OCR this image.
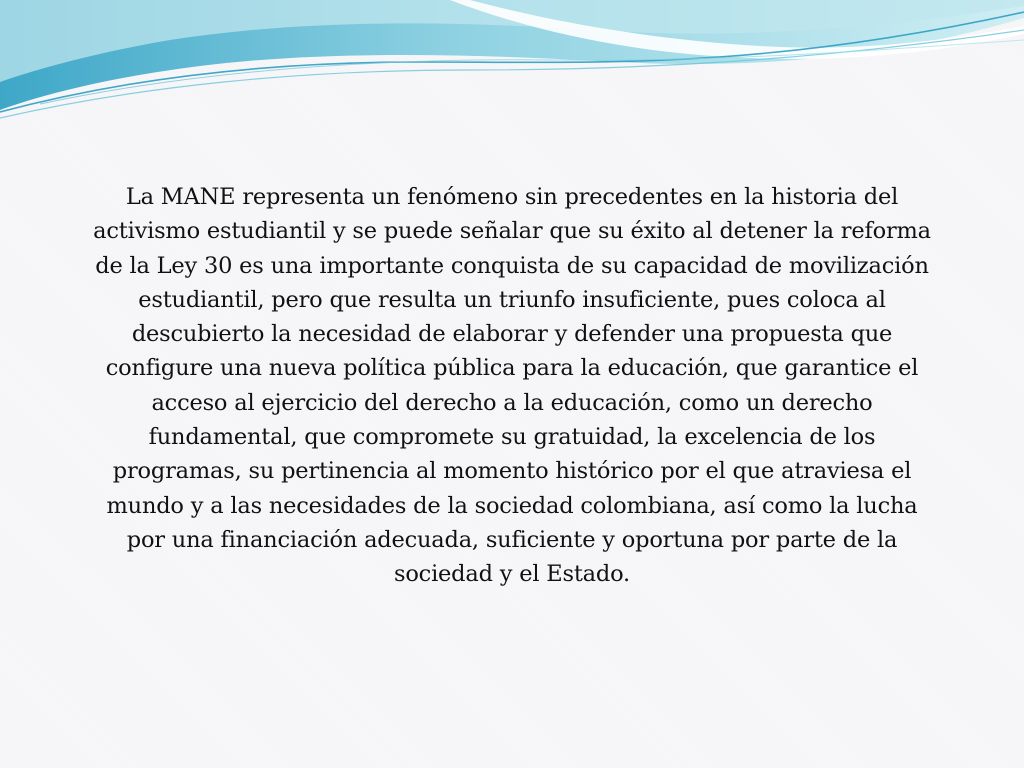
La MANE representa un fenómeno sin precedentes en la historia del activismo estudiantil y se puede señalar que su éxito al detener la reforma de la Ley 30 es una importante conquista de su capacidad de movilización estudiantil, pero que resulta un triunfo insuficiente, pues coloca al descubierto la necesidad de elaborar y defender una propuesta que configure una nueva política pública para la educación, que garantice el acceso al ejercicio del derecho a la educación, como un derecho fundamental, que compromete su gratuidad, la excelencia de los programas, su pertinencia al momento histórico por el que atraviesa el mundo y a las necesidades de la sociedad colombiana, así como la lucha por una financiación adecuada, suficiente y oportuna por parte de la sociedad y el Estado.
